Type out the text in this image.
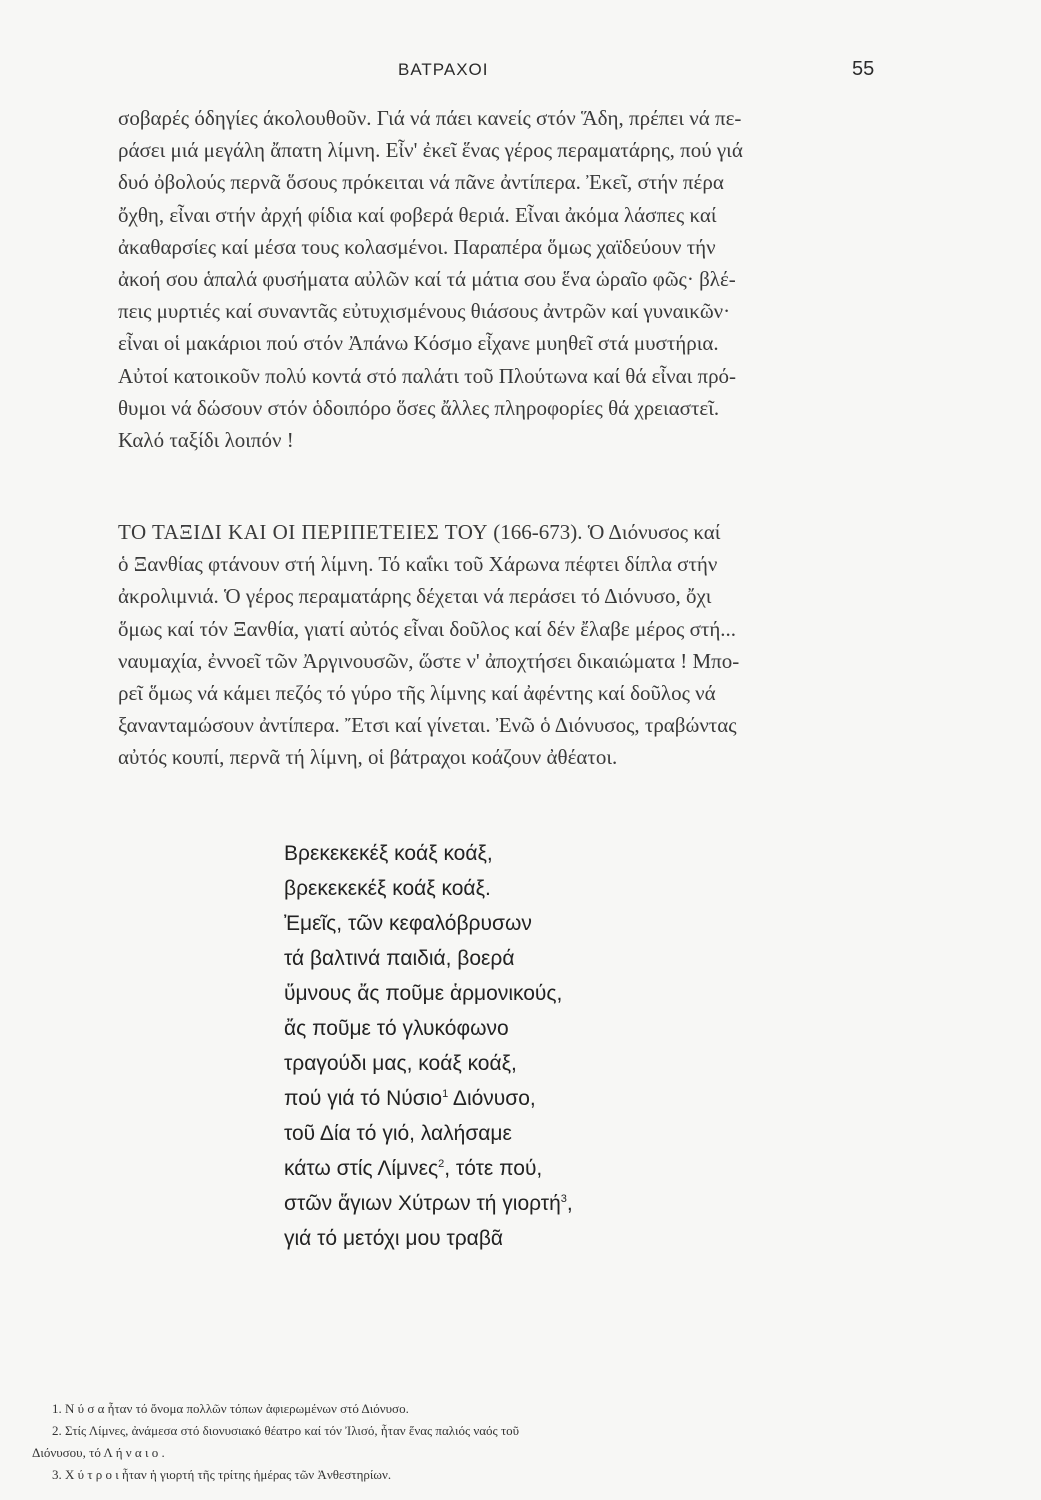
ΒΑΤΡΑΧΟΙ	55
σοβαρές όδηγίες άκολουθοῦν. Γιά νά πάει κανείς στόν Ἅδη, πρέπει νά πε-
ράσει μιά μεγάλη ἄπατη λίμνη. Εἶν' ἐκεῖ ἕνας γέρος περαματάρης, πού γιά
δυό ὀβολούς περνᾶ ὅσους πρόκειται νά πᾶνε ἀντίπερα. Ἐκεῖ, στήν πέρα
ὄχθη, εἶναι στήν ἀρχή φίδια καί φοβερά θεριά. Εἶναι ἀκόμα λάσπες καί
ἀκαθαρσίες καί μέσα τους κολασμένοι. Παραπέρα ὅμως χαϊδεύουν τήν
ἀκοή σου ἁπαλά φυσήματα αὐλῶν καί τά μάτια σου ἕνα ὡραῖο φῶς· βλέ-
πεις μυρτιές καί συναντᾶς εὐτυχισμένους θιάσους ἀντρῶν καί γυναικῶν·
εἶναι οἱ μακάριοι πού στόν Ἀπάνω Κόσμο εἶχανε μυηθεῖ στά μυστήρια.
Αὐτοί κατοικοῦν πολύ κοντά στό παλάτι τοῦ Πλούτωνα καί θά εἶναι πρό-
θυμοι νά δώσουν στόν ὁδοιπόρο ὅσες ἄλλες πληροφορίες θά χρειαστεῖ.
Καλό ταξίδι λοιπόν !
ΤΟ ΤΑΞΙΔΙ ΚΑΙ ΟΙ ΠΕΡΙΠΕΤΕΙΕΣ ΤΟΥ (166-673). Ὁ Διόνυσος καί
ὁ Ξανθίας φτάνουν στή λίμνη. Τό καΐκι τοῦ Χάρωνα πέφτει δίπλα στήν
ἀκρολιμνιά. Ὁ γέρος περαματάρης δέχεται νά περάσει τό Διόνυσο, ὄχι
ὅμως καί τόν Ξανθία, γιατί αὐτός εἶναι δοῦλος καί δέν ἔλαβε μέρος στή...
ναυμαχία, ἐννοεῖ τῶν Ἀργινουσῶν, ὥστε ν' ἀποχτήσει δικαιώματα ! Μπο-
ρεῖ ὅμως νά κάμει πεζός τό γύρο τῆς λίμνης καί ἀφέντης καί δοῦλος νά
ξανανταμώσουν ἀντίπερα. Ἔτσι καί γίνεται. Ἐνῶ ὁ Διόνυσος, τραβώντας
αὐτός κουπί, περνᾶ τή λίμνη, οἱ βάτραχοι κοάζουν ἀθέατοι.
Βρεκεκεκέξ κοάξ κοάξ,
βρεκεκεκέξ κοάξ κοάξ.
Ἐμεῖς, τῶν κεφαλόβρυσων
τά βαλτινά παιδιά, βοερά
ὕμνους ἄς ποῦμε ἁρμονικούς,
ἄς ποῦμε τό γλυκόφωνο
τραγούδι μας, κοάξ κοάξ,
πού γιά τό Νύσιο$^1$ Διόνυσο,
τοῦ Δία τό γιό, λαλήσαμε
κάτω στίς Λίμνες$^2$, τότε πού,
στῶν ἅγιων Χύτρων τή γιορτή$^3$,
γιά τό μετόχι μου τραβᾶ
1. Ν ύ σ α ἦταν τό ὄνομα πολλῶν τόπων ἀφιερωμένων στό Διόνυσο.
2. Στίς Λίμνες, ἀνάμεσα στό διονυσιακό θέατρο καί τόν Ἰλισό, ἦταν ἕνας παλιός ναός τοῦ
Διόνυσου, τό Λ ή ν α ι ο .
3. Χ ύ τ ρ ο ι ἦταν ἡ γιορτή τῆς τρίτης ἡμέρας τῶν Ἀνθεστηρίων.
